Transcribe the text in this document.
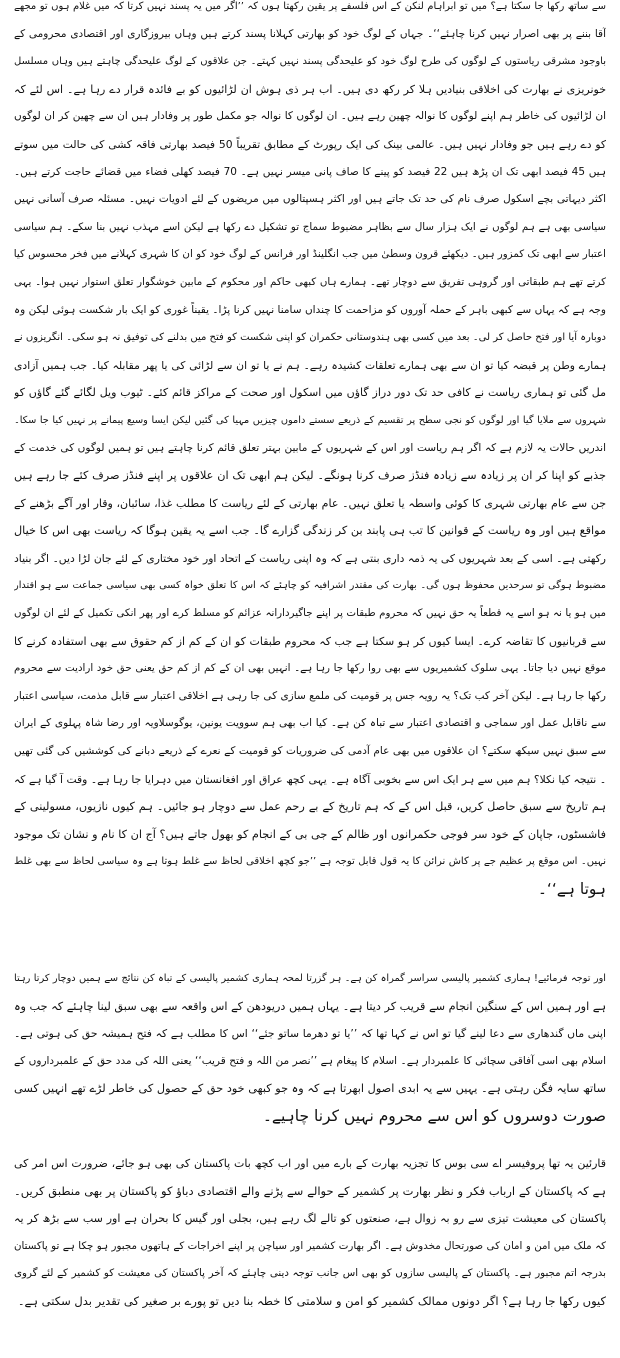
سے ساتھ رکھا جا سکتا ہے؟ میں تو ابراہام لنکن کے اس فلسفے پر یقین رکھتا ہوں کہ ’’اگر میں یہ پسند نہیں کرتا کہ میں غلام ہوں تو مجھے
آقا بننے پر بھی اصرار نہیں کرنا چاہئے‘‘۔ جہاں کے لوگ خود کو بھارتی کہلانا پسند کرتے ہیں وہاں بیروزگاری اور اقتصادی محرومی کے
باوجود مشرقی ریاستوں کے لوگوں کی طرح لوگ خود کو علیحدگی پسند نہیں کہتے۔ جن علاقوں کے لوگ علیحدگی چاہتے ہیں وہاں مسلسل
خونریزی نے بھارت کی اخلاقی بنیادیں ہلا کر رکھ دی ہیں۔ اب ہر ذی ہوش ان لڑائیوں کو بے فائدہ قرار دے رہا ہے۔ اس لئے کہ
ان لڑائیوں کی خاطر ہم اپنے لوگوں کا نوالہ چھین رہے ہیں۔ ان لوگوں کا نوالہ جو مکمل طور پر وفادار ہیں ان سے چھین کر ان لوگوں
کو دے رہے ہیں جو وفادار نہیں ہیں۔ عالمی بینک کی ایک رپورٹ کے مطابق تقریباً 50 فیصد بھارتی فاقہ کشی کی حالت میں سوتے
ہیں 45 فیصد ابھی تک ان پڑھ ہیں 22 فیصد کو پینے کا صاف پانی میسر نہیں ہے۔ 70 فیصد کھلی فضاء میں قضائے حاجت کرتے ہیں۔
اکثر دیہاتی بچے اسکول صرف نام کی حد تک جاتے ہیں اور اکثر ہسپتالوں میں مریضوں کے لئے ادویات نہیں۔ مسئلہ صرف آسانی نہیں
سیاسی بھی ہے ہم لوگوں نے ایک ہزار سال سے بظاہر مضبوط سماج تو تشکیل دے رکھا ہے لیکن اسے مہذب نہیں بنا سکے۔ ہم سیاسی
اعتبار سے ابھی تک کمزور ہیں۔ دیکھئے قرون وسطیٰ میں جب انگلینڈ اور فرانس کے لوگ خود کو ان کا شہری کہلانے میں فخر محسوس کیا
کرتے تھے ہم طبقاتی اور گروہی تفریق سے دوچار تھے۔ ہمارے ہاں کبھی حاکم اور محکوم کے مابین خوشگوار تعلق استوار نہیں ہوا۔ یہی
وجہ ہے کہ یہاں سے کبھی باہر کے حملہ آوروں کو مزاحمت کا چنداں سامنا نہیں کرنا پڑا۔ یقیناً غوری کو ایک بار شکست ہوئی لیکن وہ
دوبارہ آیا اور فتح حاصل کر لی۔ بعد میں کسی بھی ہندوستانی حکمران کو اپنی شکست کو فتح میں بدلنے کی توفیق نہ ہو سکی۔ انگریزوں نے
ہمارے وطن پر قبضہ کیا تو ان سے بھی ہمارے تعلقات کشیدہ رہے۔ ہم نے یا تو ان سے لڑائی کی یا پھر مقابلہ کیا۔ جب ہمیں آزادی
مل گئی تو ہماری ریاست نے کافی حد تک دور دراز گاؤں میں اسکول اور صحت کے مراکز قائم کئے۔ ٹیوب ویل لگائے گئے گاؤں کو
شہروں سے ملایا گیا اور لوگوں کو نجی سطح پر تقسیم کے ذریعے سستے داموں چیزیں مہیا کی گئیں لیکن ایسا وسیع پیمانے پر نہیں کیا جا سکا۔
اندریں حالات یہ لازم ہے کہ اگر ہم ریاست اور اس کے شہریوں کے مابین بہتر تعلق قائم کرنا چاہتے ہیں تو ہمیں لوگوں کی خدمت کے
جذبے کو اپنا کر ان پر زیادہ سے زیادہ فنڈز صرف کرنا ہونگے۔ لیکن ہم ابھی تک ان علاقوں پر اپنے فنڈز صرف کئے جا رہے ہیں
جن سے عام بھارتی شہری کا کوئی واسطہ یا تعلق نہیں۔ عام بھارتی کے لئے ریاست کا مطلب غذا، سائبان، وقار اور آگے بڑھنے کے
مواقع ہیں اور وہ ریاست کے قوانین کا تب ہی پابند بن کر زندگی گزارے گا۔ جب اسے یہ یقین ہوگا کہ ریاست بھی اس کا خیال
رکھتی ہے۔ اسی کے بعد شہریوں کی یہ ذمہ داری بنتی ہے کہ وہ اپنی ریاست کے اتحاد اور خود مختاری کے لئے جان لڑا دیں۔ اگر بنیاد
مضبوط ہوگی تو سرحدیں محفوظ ہوں گی۔ بھارت کی مقتدر اشرافیہ کو چاہئے کہ اس کا تعلق خواہ کسی بھی سیاسی جماعت سے ہو اقتدار
میں ہو یا نہ ہو اسے یہ قطعاً یہ حق نہیں کہ محروم طبقات پر اپنے جاگیردارانہ عزائم کو مسلط کرے اور پھر انکی تکمیل کے لئے ان لوگوں
سے قربانیوں کا تقاضہ کرے۔ ایسا کیوں کر ہو سکتا ہے جب کہ محروم طبقات کو ان کے کم از کم حقوق سے بھی استفادہ کرنے کا
موقع نہیں دیا جاتا۔ یہی سلوک کشمیریوں سے بھی روا رکھا جا رہا ہے۔ انہیں بھی ان کے کم از کم حق یعنی حق خود ارادیت سے محروم
رکھا جا رہا ہے۔ لیکن آخر کب تک؟ یہ رویہ جس پر قومیت کی ملمع سازی کی جا رہی ہے اخلاقی اعتبار سے قابل مذمت، سیاسی اعتبار
سے ناقابل عمل اور سماجی و اقتصادی اعتبار سے تباہ کن ہے۔ کیا اب بھی ہم سوویت یونین، یوگوسلاویہ اور رضا شاہ پہلوی کے ایران
سے سبق نہیں سیکھ سکتے؟ ان علاقوں میں بھی عام آدمی کی ضروریات کو قومیت کے نعرے کے ذریعے دبانے کی کوششیں کی گئی تھیں
۔ نتیجہ کیا نکلا؟ ہم میں سے ہر ایک اس سے بخوبی آگاہ ہے۔ یہی کچھ عراق اور افغانستان میں دہرایا جا رہا ہے۔ وقت آ گیا ہے کہ
ہم تاریخ سے سبق حاصل کریں، قبل اس کے کہ ہم تاریخ کے بے رحم عمل سے دوچار ہو جائیں۔ ہم کیوں نازیوں، مسولینی کے
فاشسٹوں، جاپان کے خود سر فوجی حکمرانوں اور ظالم کے جی بی کے انجام کو بھول جاتے ہیں؟ آج ان کا نام و نشان تک موجود
نہیں۔ اس موقع پر عظیم جے پر کاش نرائن کا یہ قول قابل توجہ ہے ’’جو کچھ اخلاقی لحاظ سے غلط ہوتا ہے وہ سیاسی لحاظ سے بھی غلط
ہوتا ہے‘‘۔
اور توجہ فرمائیے! ہماری کشمیر پالیسی سراسر گمراہ کن ہے۔ ہر گزرتا لمحہ ہماری کشمیر پالیسی کے تباہ کن نتائج سے ہمیں دوچار کرتا رہتا
ہے اور ہمیں اس کے سنگین انجام سے قریب کر دیتا ہے۔ یہاں ہمیں دریودھن کے اس واقعہ سے بھی سبق لینا چاہئے کہ جب وہ
اپنی ماں گندھاری سے دعا لینے گیا تو اس نے کہا تھا کہ ’’یا تو دھرما ساتو جئے‘‘ اس کا مطلب ہے کہ فتح ہمیشہ حق کی ہوتی ہے۔
اسلام بھی اسی آفاقی سچائی کا علمبردار ہے۔ اسلام کا پیغام ہے ’’نصر من اللہ و فتح قریب‘‘ یعنی اللہ کی مدد حق کے علمبرداروں کے
ساتھ سایہ فگن رہتی ہے۔ یہیں سے یہ ابدی اصول ابھرتا ہے کہ وہ جو کبھی خود حق کے حصول کی خاطر لڑے تھے انہیں کسی
صورت دوسروں کو اس سے محروم نہیں کرنا چاہیے۔
قارئین یہ تھا پروفیسر اے سی بوس کا تجزیہ بھارت کے بارے میں اور اب کچھ بات پاکستان کی بھی ہو جائے، ضرورت اس امر کی
ہے کہ پاکستان کے ارباب فکر و نظر بھارت پر کشمیر کے حوالے سے پڑنے والے اقتصادی دباؤ کو پاکستان پر بھی منطبق کریں۔
پاکستان کی معیشت تیزی سے رو بہ زوال ہے، صنعتوں کو تالے لگ رہے ہیں، بجلی اور گیس کا بحران ہے اور سب سے بڑھ کر یہ
کہ ملک میں امن و امان کی صورتحال مخدوش ہے۔ اگر بھارت کشمیر اور سیاچن پر اپنے اخراجات کے ہاتھوں مجبور ہو چکا ہے تو پاکستان
بدرجہ اتم مجبور ہے۔ پاکستان کے پالیسی سازوں کو بھی اس جانب توجہ دینی چاہئے کہ آخر پاکستان کی معیشت کو کشمیر کے لئے گروی
کیوں رکھا جا رہا ہے؟ اگر دونوں ممالک کشمیر کو امن و سلامتی کا خطہ بنا دیں تو پورے بر صغیر کی تقدیر بدل سکتی ہے۔
